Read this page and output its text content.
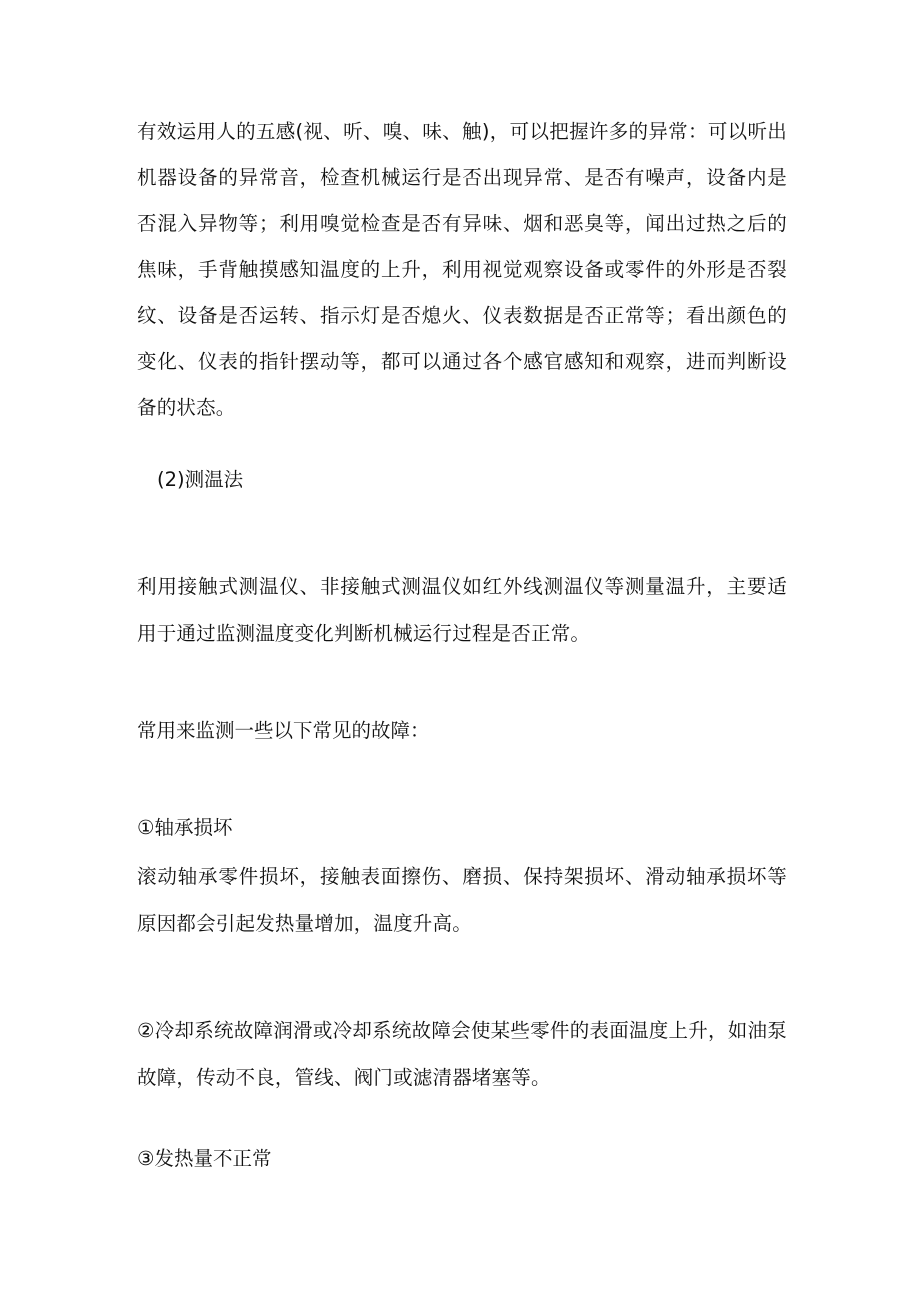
有效运用人的五感(视、听、嗅、味、触)，可以把握许多的异常：可以听出机器设备的异常音，检查机械运行是否出现异常、是否有噪声，设备内是否混入异物等；利用嗅觉检查是否有异味、烟和恶臭等，闻出过热之后的焦味，手背触摸感知温度的上升，利用视觉观察设备或零件的外形是否裂纹、设备是否运转、指示灯是否熄火、仪表数据是否正常等；看出颜色的变化、仪表的指针摆动等，都可以通过各个感官感知和观察，进而判断设备的状态。

(2)测温法

利用接触式测温仪、非接触式测温仪如红外线测温仪等测量温升，主要适用于通过监测温度变化判断机械运行过程是否正常。

常用来监测一些以下常见的故障：

①轴承损坏

滚动轴承零件损坏，接触表面擦伤、磨损、保持架损坏、滑动轴承损坏等原因都会引起发热量增加，温度升高。

②冷却系统故障润滑或冷却系统故障会使某些零件的表面温度上升，如油泵故障，传动不良，管线、阀门或滤清器堵塞等。

③发热量不正常
